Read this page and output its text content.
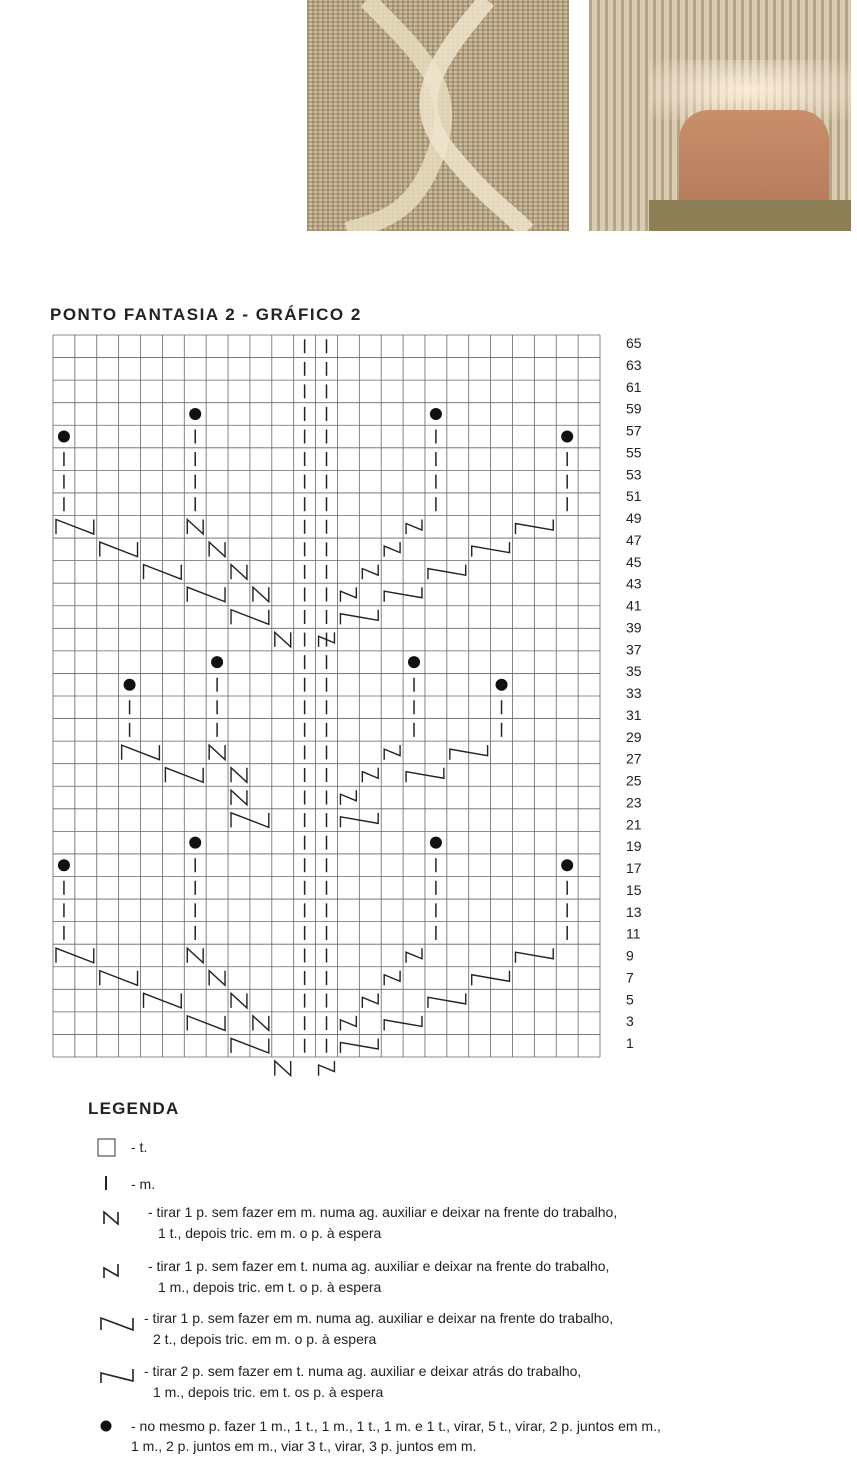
PONTO FANTASIA 2 - GRÁFICO 2
65
63
61
59
57
55
53
51
49
47
45
43
41
39
37
35
33
31
29
27
25
23
21
19
17
15
13
11
9
7
5
3
1
LEGENDA
- t.
- m.
- tirar 1 p. sem fazer em m. numa ag. auxiliar e deixar na frente do trabalho,
1 t., depois tric. em m. o p. à espera
- tirar 1 p. sem fazer em t. numa ag. auxiliar e deixar na frente do trabalho,
1 m., depois tric. em t. o p. à espera
- tirar 1 p. sem fazer em m. numa ag. auxiliar e deixar na frente do trabalho,
2 t., depois tric. em m. o p. à espera
- tirar 2 p. sem fazer em t. numa ag. auxiliar e deixar atrás do trabalho,
1 m., depois tric. em t. os p. à espera
- no mesmo p. fazer 1 m., 1 t., 1 m., 1 t., 1 m. e 1 t., virar, 5 t., virar, 2 p. juntos em m.,
1 m., 2 p. juntos em m., viar 3 t., virar, 3 p. juntos em m.
